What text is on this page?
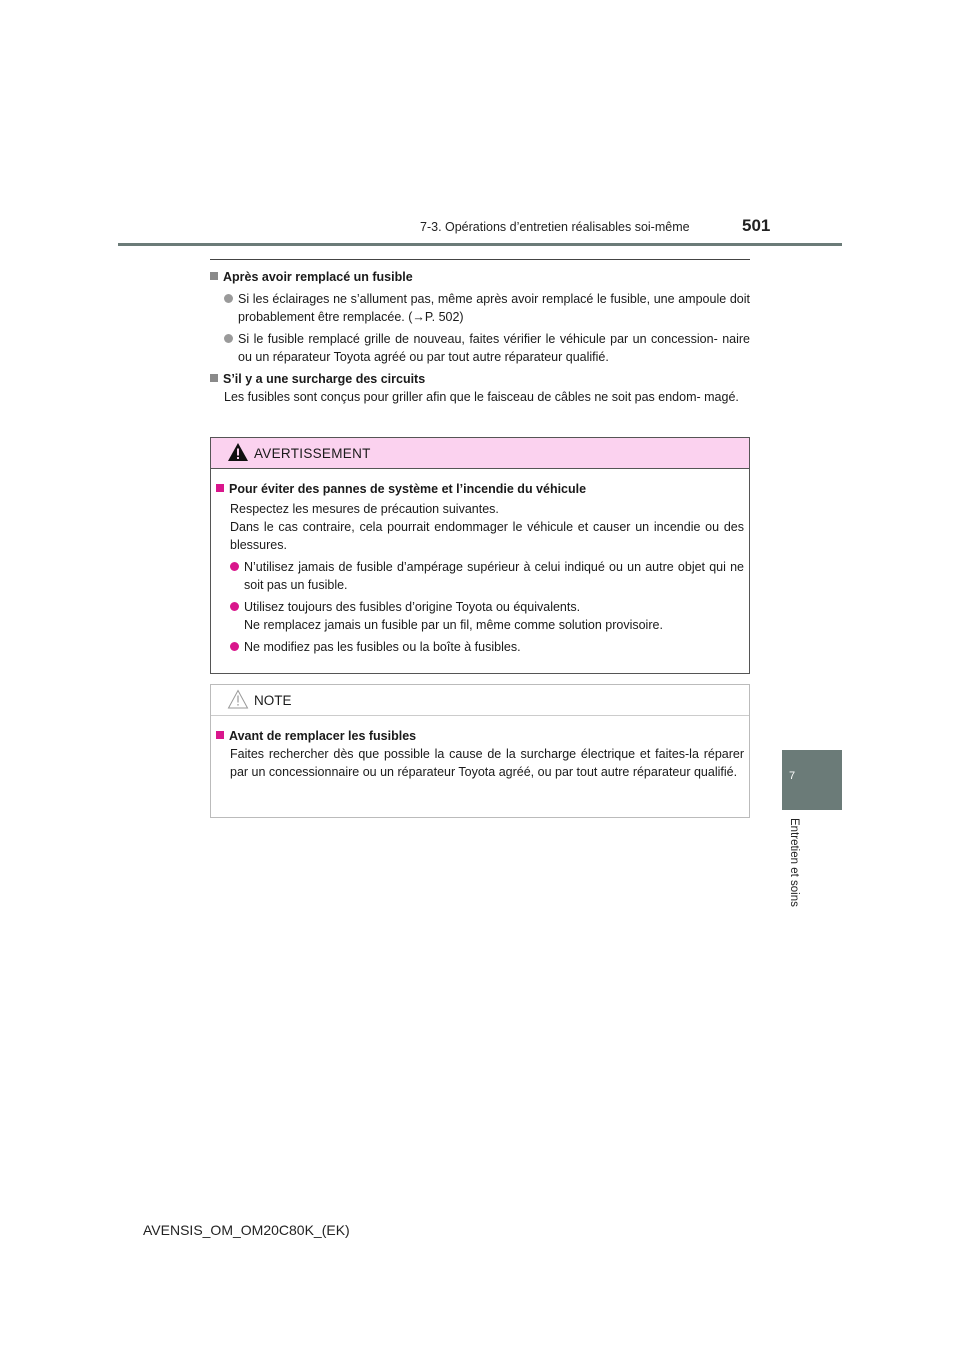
7-3. Opérations d’entretien réalisables soi-même	501
7
Entretien et soins
Après avoir remplacé un fusible
Si les éclairages ne s’allument pas, même après avoir remplacé le fusible, une ampoule doit probablement être remplacée. (→P. 502)
Si le fusible remplacé grille de nouveau, faites vérifier le véhicule par un concession- naire ou un réparateur Toyota agréé ou par tout autre réparateur qualifié.
S’il y a une surcharge des circuits
Les fusibles sont conçus pour griller afin que le faisceau de câbles ne soit pas endom- magé.
AVERTISSEMENT
Pour éviter des pannes de système et l’incendie du véhicule
Respectez les mesures de précaution suivantes.
Dans le cas contraire, cela pourrait endommager le véhicule et causer un incendie ou des blessures.
N’utilisez jamais de fusible d’ampérage supérieur à celui indiqué ou un autre objet qui ne soit pas un fusible.
Utilisez toujours des fusibles d’origine Toyota ou équivalents.
Ne remplacez jamais un fusible par un fil, même comme solution provisoire.
Ne modifiez pas les fusibles ou la boîte à fusibles.
NOTE
Avant de remplacer les fusibles
Faites rechercher dès que possible la cause de la surcharge électrique et faites-la réparer par un concessionnaire ou un réparateur Toyota agréé, ou par tout autre réparateur qualifié.
AVENSIS_OM_OM20C80K_(EK)
